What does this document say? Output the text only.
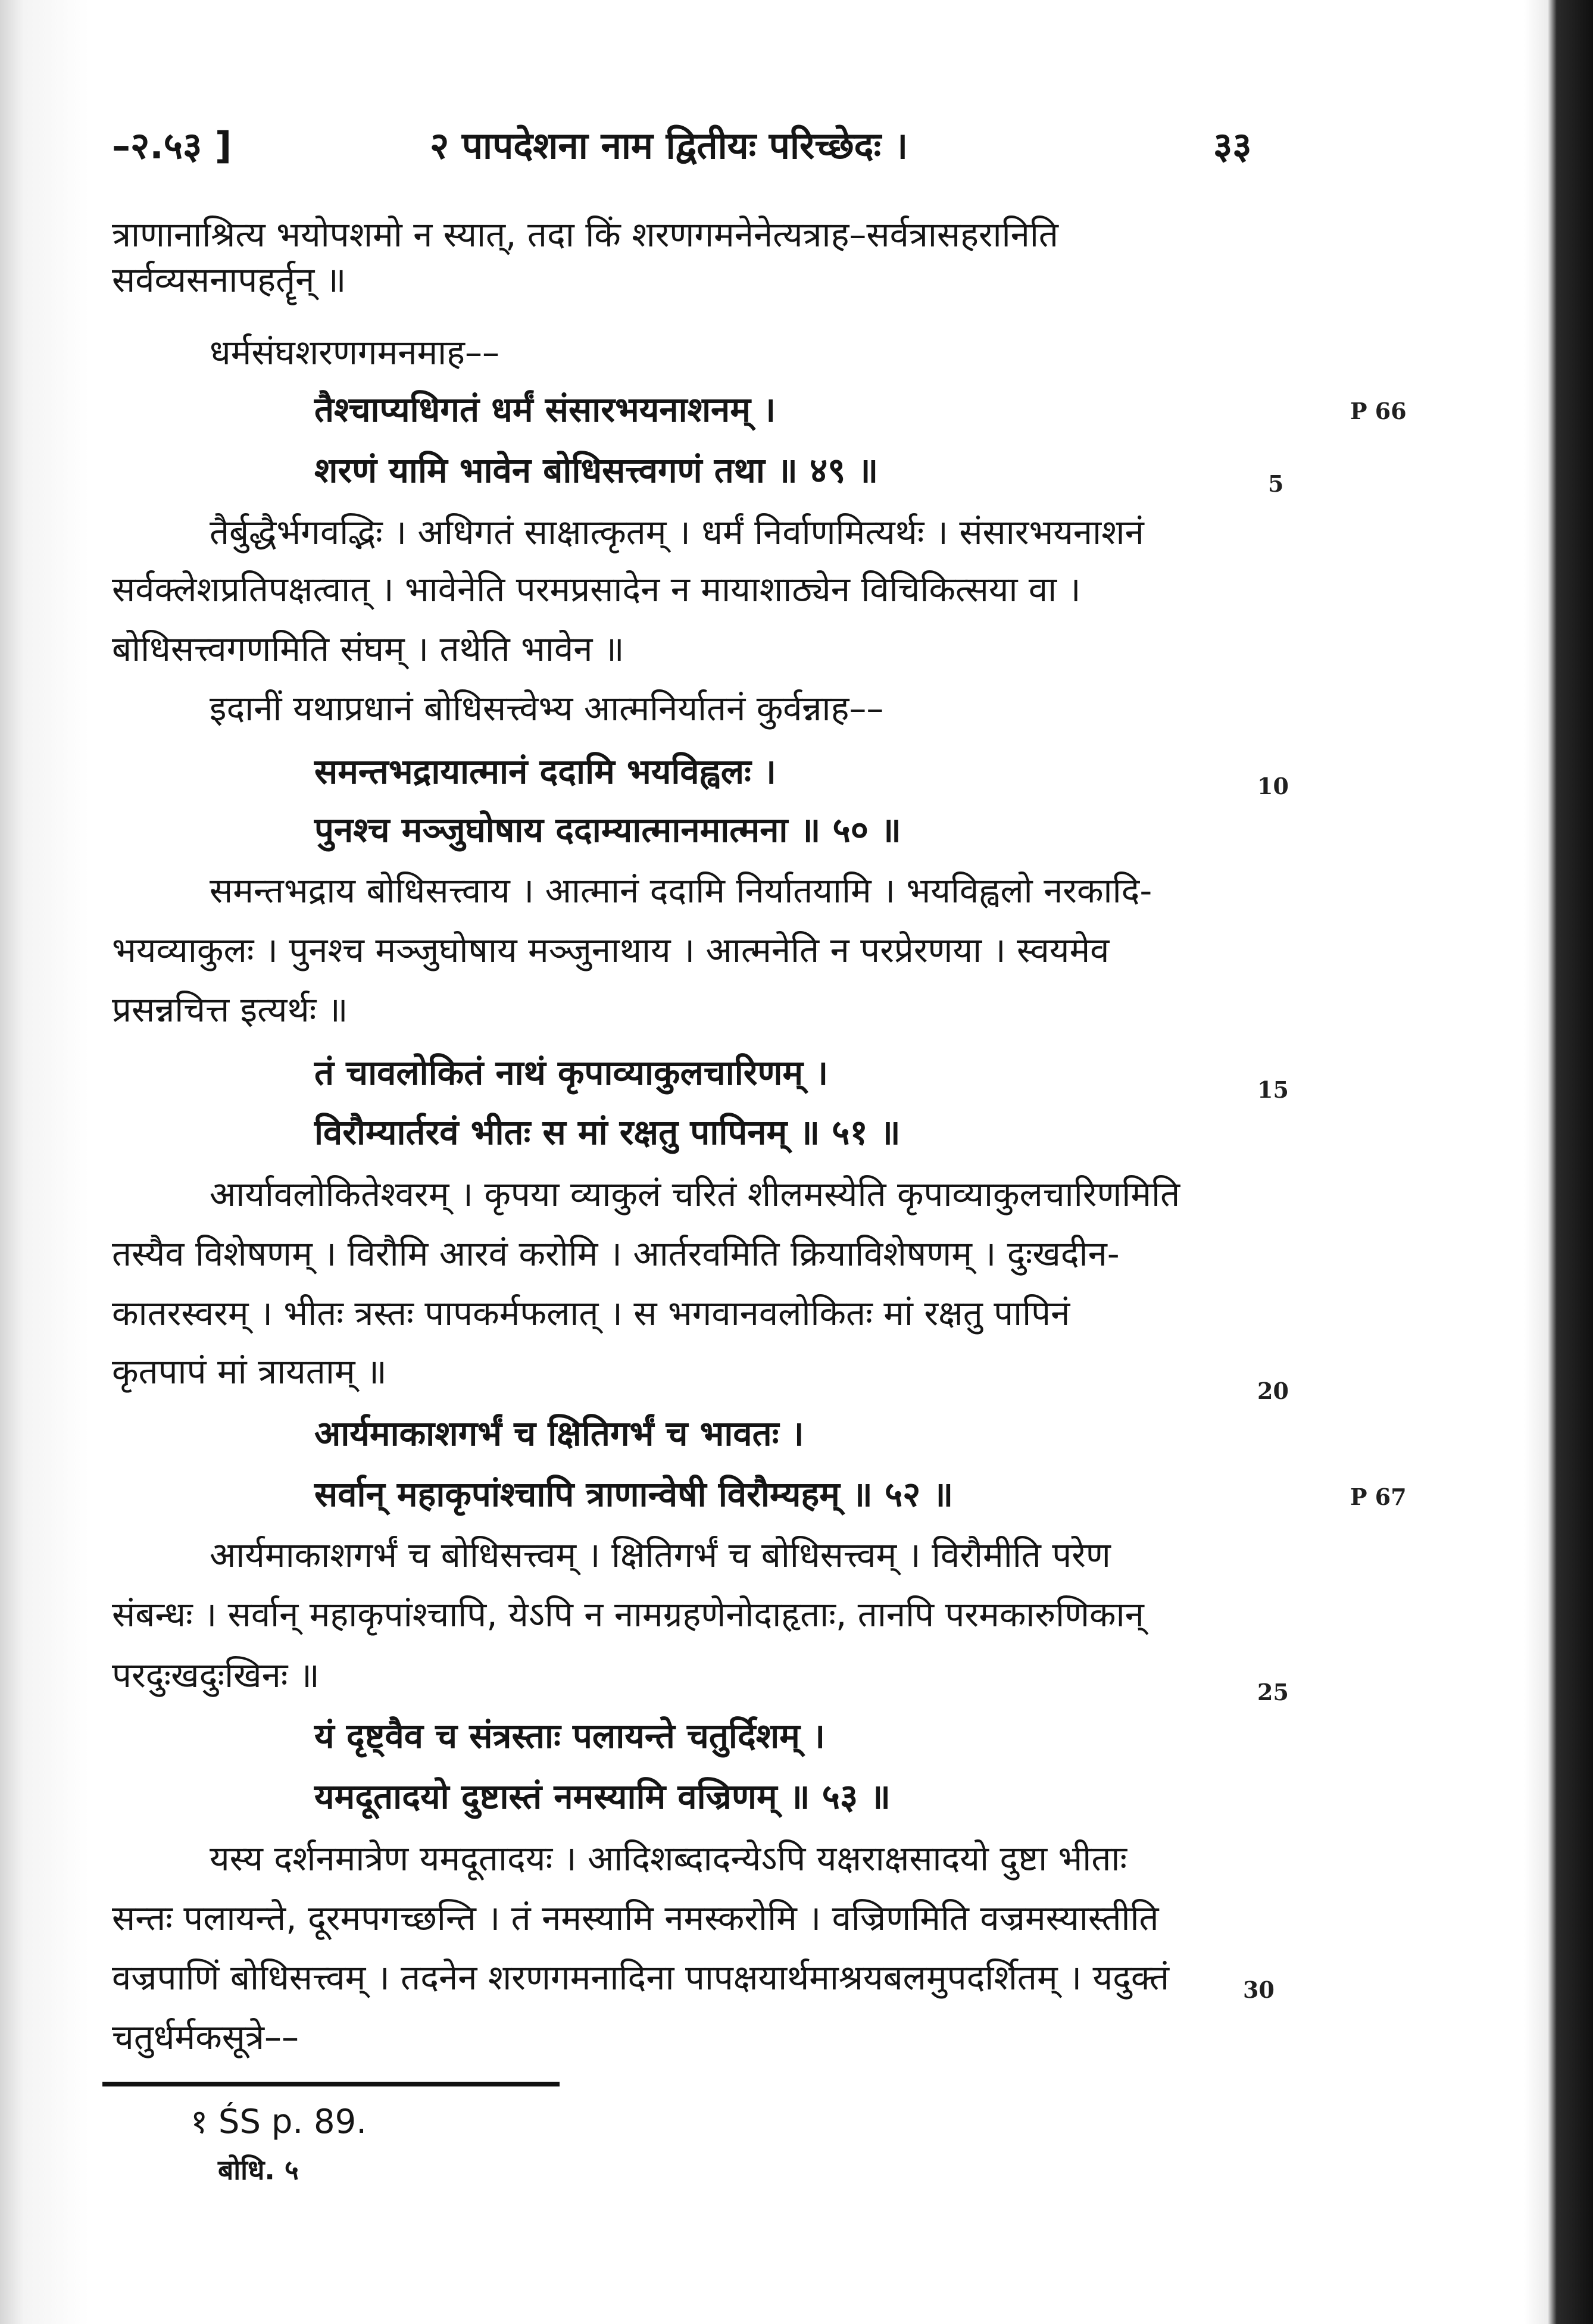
–२.५३ ]	२ पापदेशना नाम द्वितीयः परिच्छेदः ।	३३
त्राणानाश्रित्य भयोपशमो न स्यात्, तदा किं शरणगमनेनेत्यत्राह–सर्वत्रासहरानिति
सर्वव्यसनापहर्तॄन् ॥
धर्मसंघशरणगमनमाह––
तैश्चाप्यधिगतं धर्मं संसारभयनाशनम् ।
शरणं यामि भावेन बोधिसत्त्वगणं तथा ॥ ४९ ॥
तैर्बुद्धैर्भगवद्भिः । अधिगतं साक्षात्कृतम् । धर्मं निर्वाणमित्यर्थः । संसारभयनाशनं
सर्वक्लेशप्रतिपक्षत्वात् । भावेनेति परमप्रसादेन न मायाशाठ्येन विचिकित्सया वा ।
बोधिसत्त्वगणमिति संघम् । तथेति भावेन ॥
इदानीं यथाप्रधानं बोधिसत्त्वेभ्य आत्मनिर्यातनं कुर्वन्नाह––
समन्तभद्रायात्मानं ददामि भयविह्वलः ।
पुनश्च मञ्जुघोषाय ददाम्यात्मानमात्मना ॥ ५० ॥
समन्तभद्राय बोधिसत्त्वाय । आत्मानं ददामि निर्यातयामि । भयविह्वलो नरकादि-
भयव्याकुलः । पुनश्च मञ्जुघोषाय मञ्जुनाथाय । आत्मनेति न परप्रेरणया । स्वयमेव
प्रसन्नचित्त इत्यर्थः ॥
तं चावलोकितं नाथं कृपाव्याकुलचारिणम् ।
विरौम्यार्तरवं भीतः स मां रक्षतु पापिनम् ॥ ५१ ॥
आर्यावलोकितेश्वरम् । कृपया व्याकुलं चरितं शीलमस्येति कृपाव्याकुलचारिणमिति
तस्यैव विशेषणम् । विरौमि आरवं करोमि । आर्तरवमिति क्रियाविशेषणम् । दुःखदीन-
कातरस्वरम् । भीतः त्रस्तः पापकर्मफलात् । स भगवानवलोकितः मां रक्षतु पापिनं
कृतपापं मां त्रायताम् ॥
आर्यमाकाशगर्भं च क्षितिगर्भं च भावतः ।
सर्वान् महाकृपांश्चापि त्राणान्वेषी विरौम्यहम् ॥ ५२ ॥
आर्यमाकाशगर्भं च बोधिसत्त्वम् । क्षितिगर्भं च बोधिसत्त्वम् । विरौमीति परेण
संबन्धः । सर्वान् महाकृपांश्चापि, येऽपि न नामग्रहणेनोदाहृताः, तानपि परमकारुणिकान्
परदुःखदुःखिनः ॥
यं दृष्ट्वैव च संत्रस्ताः पलायन्ते चतुर्दिशम् ।
यमदूतादयो दुष्टास्तं नमस्यामि वज्रिणम् ॥ ५३ ॥
यस्य दर्शनमात्रेण यमदूतादयः । आदिशब्दादन्येऽपि यक्षराक्षसादयो दुष्टा भीताः
सन्तः पलायन्ते, दूरमपगच्छन्ति । तं नमस्यामि नमस्करोमि । वज्रिणमिति वज्रमस्यास्तीति
वज्रपाणिं बोधिसत्त्वम् । तदनेन शरणगमनादिना पापक्षयार्थमाश्रयबलमुपदर्शितम् । यदुक्तं
चतुर्धर्मकसूत्रे––
P 66
5
10
15
20
P 67
25
30
१ ŚS p. 89.
बोधि. ५
